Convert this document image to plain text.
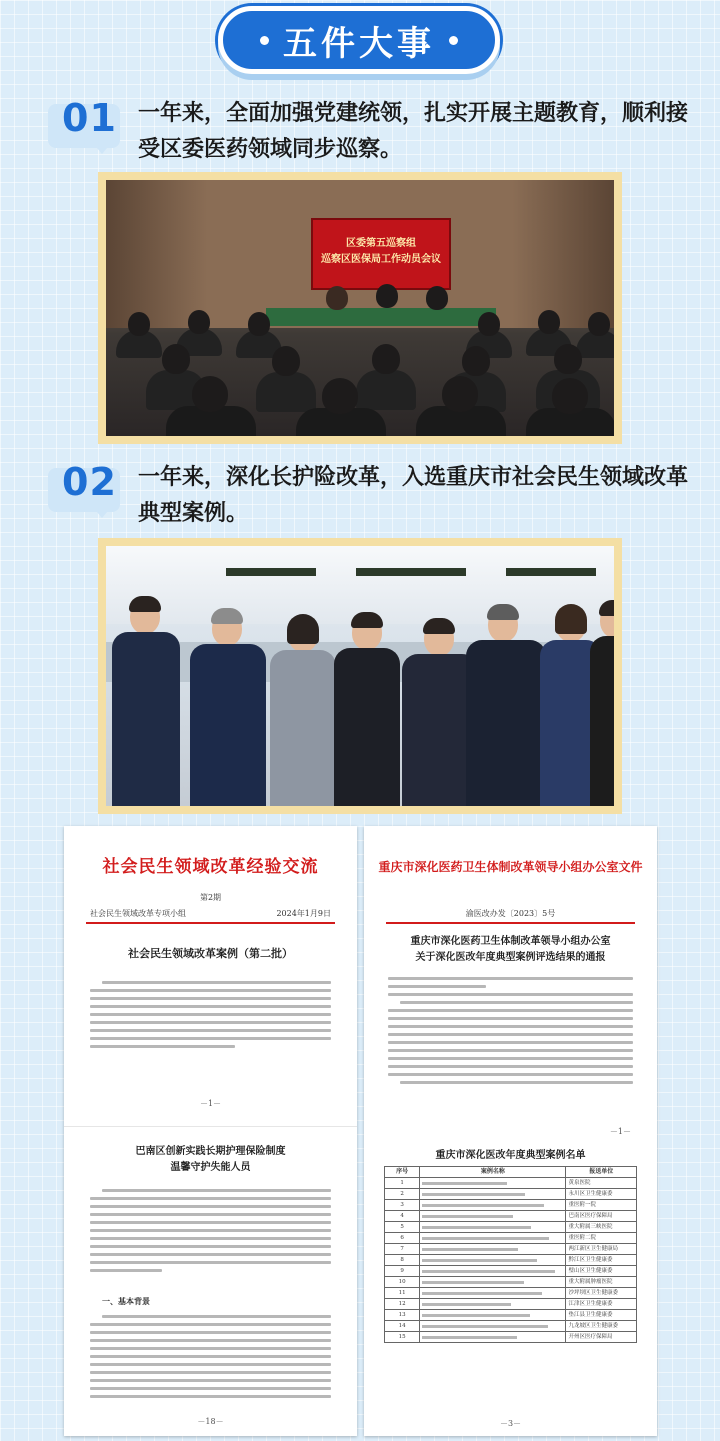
五件大事
01 一年来，全面加强党建统领，扎实开展主题教育，顺利接受区委医药领域同步巡察。
区委第五巡察组
巡察区医保局工作动员会议
02 一年来，深化长护险改革，入选重庆市社会民生领域改革典型案例。
社会民生领域改革经验交流
第2期
社会民生领域改革专项小组	2024年1月9日
社会民生领域改革案例（第二批）
－1－
巴南区创新实践长期护理保险制度
温馨守护失能人员
一、基本背景
－18－
重庆市深化医药卫生体制改革领导小组办公室文件
渝医改办发〔2023〕5号
重庆市深化医药卫生体制改革领导小组办公室
关于深化医改年度典型案例评选结果的通报
－1－
重庆市深化医改年度典型案例名单
序号	案例名称	报送单位
1		黄泉医院
2		永川区卫生健康委
3		重医附一院
4		巴南区医疗保障局
5		重大附属三峡医院
6		重医附二院
7		两江新区卫生健康局
8		黔江区卫生健康委
9		璧山区卫生健康委
10		重大附属肿瘤医院
11		沙坪坝区卫生健康委
12		江津区卫生健康委
13		垫江县卫生健康委
14		九龙坡区卫生健康委
15		开州区医疗保障局
－3－
